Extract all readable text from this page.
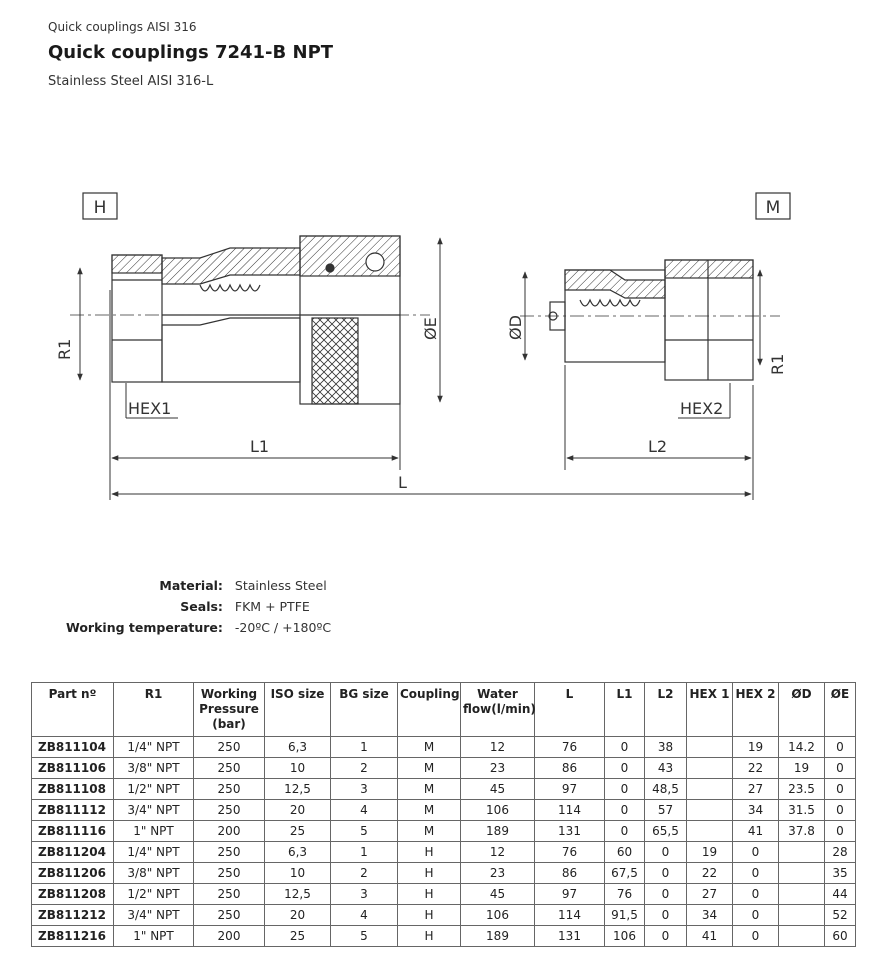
Quick couplings AISI 316
Quick couplings 7241-B NPT
Stainless Steel AISI 316-L
H	M
R1
R1
HEX1	HEX2
L1	L2
L
ØE	ØD
Material:	Stainless Steel
Seals:	FKM + PTFE
Working temperature:	-20ºC / +180ºC
Part nº	R1	Working Pressure (bar)	ISO size	BG size	Coupling	Water flow(l/min)	L	L1	L2	HEX 1	HEX 2	ØD	ØE
ZB811104	1/4" NPT	250	6,3	1	M	12	76	0	38		19	14.2	0
ZB811106	3/8" NPT	250	10	2	M	23	86	0	43		22	19	0
ZB811108	1/2" NPT	250	12,5	3	M	45	97	0	48,5		27	23.5	0
ZB811112	3/4" NPT	250	20	4	M	106	114	0	57		34	31.5	0
ZB811116	1" NPT	200	25	5	M	189	131	0	65,5		41	37.8	0
ZB811204	1/4" NPT	250	6,3	1	H	12	76	60	0	19	0		28
ZB811206	3/8" NPT	250	10	2	H	23	86	67,5	0	22	0		35
ZB811208	1/2" NPT	250	12,5	3	H	45	97	76	0	27	0		44
ZB811212	3/4" NPT	250	20	4	H	106	114	91,5	0	34	0		52
ZB811216	1" NPT	200	25	5	H	189	131	106	0	41	0		60
